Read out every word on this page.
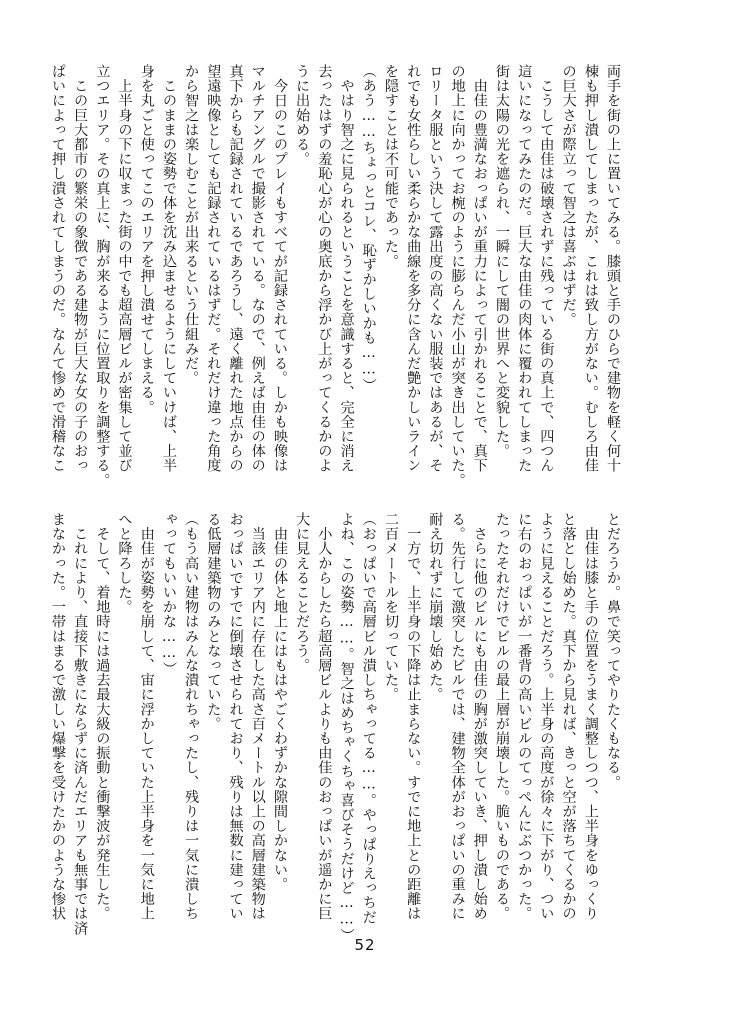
両手を街の上に置いてみる。膝頭と手のひらで建物を軽く何十
棟も押し潰してしまったが、これは致し方がない。むしろ由佳
の巨大さが際立って智之は喜ぶはずだ。
　こうして由佳は破壊されずに残っている街の真上で、四つん
這いになってみたのだ。巨大な由佳の肉体に覆われてしまった
街は太陽の光を遮られ、一瞬にして闇の世界へと変貌した。
　由佳の豊満なおっぱいが重力によって引かれることで、真下
の地上に向かってお椀のように膨らんだ小山が突き出していた。
ロリータ服という決して露出度の高くない服装ではあるが、そ
れでも女性らしい柔らかな曲線を多分に含んだ艶かしいライン
を隠すことは不可能であった。
（あう……ちょっとコレ、恥ずかしいかも……）
　やはり智之に見られるということを意識すると、完全に消え
去ったはずの羞恥心が心の奥底から浮かび上がってくるかのよ
うに出始める。
　今日のこのプレイもすべてが記録されている。しかも映像は
マルチアングルで撮影されている。なので、例えば由佳の体の
真下からも記録されているであろうし、遠く離れた地点からの
望遠映像としても記録されているはずだ。それだけ違った角度
から智之は楽しむことが出来るという仕組みだ。
　このままの姿勢で体を沈み込ませるようにしていけば、上半
身を丸ごと使ってこのエリアを押し潰せてしまえる。
　上半身の下に収まった街の中でも超高層ビルが密集して並び
立つエリア。その真上に、胸が来るように位置取りを調整する。
　この巨大都市の繁栄の象徴である建物が巨大な女の子のおっ
ぱいによって押し潰されてしまうのだ。なんて惨めで滑稽なこ
とだろうか。鼻で笑ってやりたくもなる。
　由佳は膝と手の位置をうまく調整しつつ、上半身をゆっくり
と落とし始めた。真下から見れば、きっと空が落ちてくるかの
ように見えることだろう。上半身の高度が徐々に下がり、つい
に右のおっぱいが一番背の高いビルのてっぺんにぶつかった。
たったそれだけでビルの最上層が崩壊した。脆いものである。
　さらに他のビルにも由佳の胸が激突していき、押し潰し始め
る。先行して激突したビルでは、建物全体がおっぱいの重みに
耐え切れずに崩壊し始めた。
　一方で、上半身の下降は止まらない。すでに地上との距離は
二百メートルを切っていた。
（おっぱいで高層ビル潰しちゃってる……。やっぱりえっちだ
よね、この姿勢……。智之はめちゃくちゃ喜びそうだけど……）
　小人からしたら超高層ビルよりも由佳のおっぱいが遥かに巨
大に見えることだろう。
　由佳の体と地上にはもはやごくわずかな隙間しかない。
　当該エリア内に存在した高さ百メートル以上の高層建築物は
おっぱいですでに倒壊させられており、残りは無数に建ってい
る低層建築物のみとなっていた。
（もう高い建物はみんな潰れちゃったし、残りは一気に潰しち
ゃってもいいかな……）
　由佳が姿勢を崩して、宙に浮かしていた上半身を一気に地上
へと降ろした。
　そして、着地時には過去最大級の振動と衝撃波が発生した。
　これにより、直接下敷きにならずに済んだエリアも無事では済
まなかった。一帯はまるで激しい爆撃を受けたかのような惨状
52
